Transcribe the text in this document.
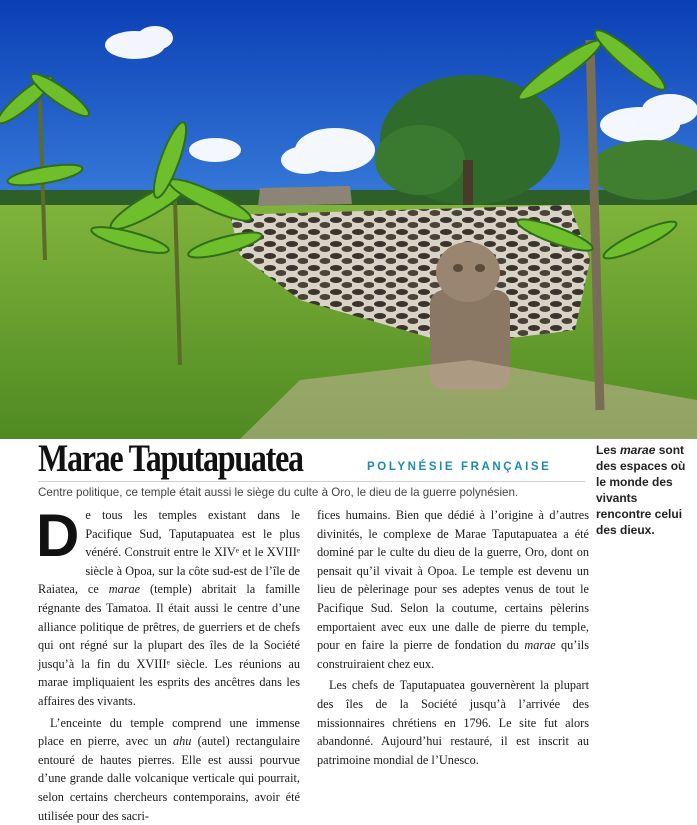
Marae Taputapuatea	POLYNÉSIE FRANÇAISE
Centre politique, ce temple était aussi le siège du culte à Oro, le dieu de la guerre polynésien.
Les marae sont des espaces où le monde des vivants rencontre celui des dieux.

De tous les temples existant dans le Pacifique Sud, Taputapuatea est le plus vénéré. Construit entre le XIVᵉ et le XVIIIᵉ siècle à Opoa, sur la côte sud-est de l’île de Raiatea, ce marae (temple) abritait la famille régnante des Tamatoa. Il était aussi le centre d’une alliance politique de prêtres, de guerriers et de chefs qui ont régné sur la plupart des îles de la Société jusqu’à la fin du XVIIIᵉ siècle. Les réunions au marae impliquaient les esprits des ancêtres dans les affaires des vivants.

L’enceinte du temple comprend une immense place en pierre, avec un ahu (autel) rectangulaire entouré de hautes pierres. Elle est aussi pourvue d’une grande dalle volcanique verticale qui pourrait, selon certains chercheurs contemporains, avoir été utilisée pour des sacri-

fices humains. Bien que dédié à l’origine à d’autres divinités, le complexe de Marae Taputapuatea a été dominé par le culte du dieu de la guerre, Oro, dont on pensait qu’il vivait à Opoa. Le temple est devenu un lieu de pèlerinage pour ses adeptes venus de tout le Pacifique Sud. Selon la coutume, certains pèlerins emportaient avec eux une dalle de pierre du temple, pour en faire la pierre de fondation du marae qu’ils construiraient chez eux.

Les chefs de Taputapuatea gouvernèrent la plupart des îles de la Société jusqu’à l’arrivée des missionnaires chrétiens en 1796. Le site fut alors abandonné. Aujourd’hui restauré, il est inscrit au patrimoine mondial de l’Unesco.
